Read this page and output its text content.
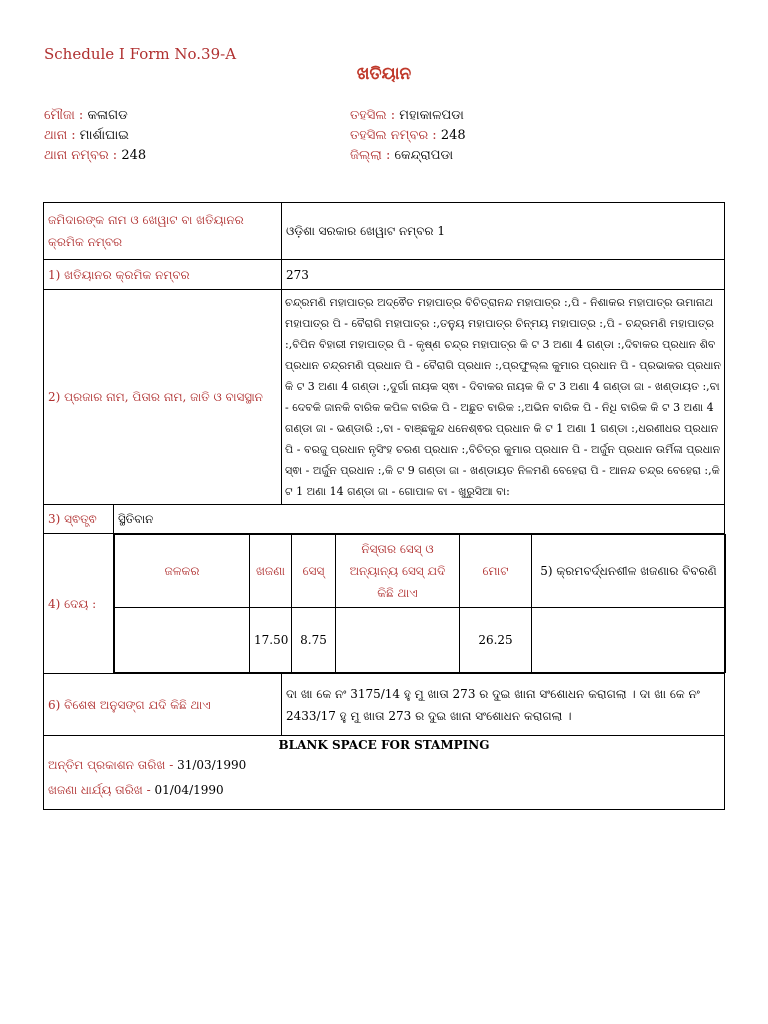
Schedule I Form No.39-A
ଖତିୟାନ
ମୌଜା : କଳାଗଡ
ଥାନା : ମାର୍ଶାଘାଇ
ଥାନା ନମ୍ବର : 248
ତହସିଲ : ମହାକାଳପଡା
ତହସିଲ ନମ୍ବର : 248
ଜିଲ୍ଲା : କେନ୍ଦ୍ରାପଡା
ଜମିଦାରଙ୍କ ନାମ ଓ ଖେୱାଟ ବା ଖତିୟାନର କ୍ରମିକ ନମ୍ବର	ଓଡ଼ିଶା ସରକାର ଖେୱାଟ ନମ୍ବର 1
1) ଖତିୟାନର କ୍ରମିକ ନମ୍ବର	273
2) ପ୍ରଜାର ନାମ, ପିତାର ନାମ, ଜାତି ଓ ବାସସ୍ଥାନ	ଚନ୍ଦ୍ରମଣି ମହାପାତ୍ର ଅଦ୍ଵୈତ ମହାପାତ୍ର ବିଚିତ୍ରାନନ୍ଦ ମହାପାତ୍ର :,ପି - ନିଶାକର ମହାପାତ୍ର ଉମାନାଥ ମହାପାତ୍ର ପି - ବୈରାଗି ମହାପାତ୍ର :,ତନୁୟ ମହାପାତ୍ର ଚିନ୍ମୟ ମହାପାତ୍ର :,ପି - ଚନ୍ଦ୍ରମଣି ମହାପାତ୍ର :,ବିପିନ ବିହାରୀ ମହାପାତ୍ର ପି - କୃଷ୍ଣ ଚନ୍ଦ୍ର ମହାପାତ୍ର କି ଟ 3 ଅଣା 4 ଗଣ୍ଡା :,ଦିବାକର ପ୍ରଧାନ ଶିବ ପ୍ରଧାନ ଚନ୍ଦ୍ରମଣି ପ୍ରଧାନ ପି - ବୈରାଗି ପ୍ରଧାନ :,ପ୍ରଫୁଲ୍ଲ କୁମାର ପ୍ରଧାନ ପି - ପ୍ରଭାକର ପ୍ରଧାନ କି ଟ 3 ଅଣା 4 ଗଣ୍ଡା :,ଦୁର୍ଗା ନାୟକ ସ୍ଵା - ଦିବାକର ନାୟକ କି ଟ 3 ଅଣା 4 ଗଣ୍ଡା ଜା - ଖଣ୍ଡାୟତ :,ବା - ଦେବକି ଜାନକି ବାରିକ କପିଳ ବାରିକ ପି - ଅଛୁତ ବାରିକ :,ଅଭିନ ବାରିକ ପି - ନିଧି ବାରିକ କି ଟ 3 ଅଣା 4 ଗଣ୍ଡା ଜା - ଭଣ୍ଡାରି :,ବା - ବାଞ୍ଛକୁନ୍ଦ ଧନେଶ୍ଵର ପ୍ରଧାନ କି ଟ 1 ଅଣା 1 ଗଣ୍ଡା :,ଧରଣୀଧର ପ୍ରଧାନ ପି - ବରଜୁ ପ୍ରଧାନ ନୃସିଂହ ଚରଣ ପ୍ରଧାନ :,ବିଚିତ୍ର କୁମାର ପ୍ରଧାନ ପି - ଅର୍ଜୁନ ପ୍ରଧାନ ଉର୍ମିଳା ପ୍ରଧାନ ସ୍ଵା - ଅର୍ଜୁନ ପ୍ରଧାନ :,କି ଟ 9 ଗଣ୍ଡା ଜା - ଖଣ୍ଡାୟତ ନିଳମଣି ବେହେରା ପି - ଆନନ୍ଦ ଚନ୍ଦ୍ର ବେହେରା :,କି ଟ 1 ଅଣା 14 ଗଣ୍ଡା ଜା - ଗୋପାଳ ବା - ଖୁରୁସିଆ ବା:
3) ସ୍ଵତ୍ତ୍ଵ	ସ୍ଥିତିବାନ
4) ଦେୟ :	
ଜଳକର	ଖଜଣା	ସେସ୍	ନିସ୍ତାର ସେସ୍ ଓ ଅନ୍ୟାନ୍ୟ ସେସ୍ ଯଦି କିଛି ଥାଏ	ମୋଟ	5) କ୍ରମବର୍ଦ୍ଧନଶୀଳ ଖଜଣାର ବିବରଣି
	17.50	8.75		26.25	

6) ବିଶେଷ ଅନୁସଙ୍ଗ ଯଦି କିଛି ଥାଏ	ଦା ଖା କେ ନଂ 3175/14 ହୁ ମୁ ଖାତା 273 ର ଦୁଇ ଖାନା ସଂଶୋଧନ କରାଗଲା । ଦା ଖା କେ ନଂ 2433/17 ହୁ ମୁ ଖାତା 273 ର ଦୁଇ ଖାନା ସଂଶୋଧନ କରାଗଲା ।

BLANK SPACE FOR STAMPING
ଅନ୍ତିମ ପ୍ରକାଶନ ତାରିଖ - 31/03/1990
ଖଜଣା ଧାର୍ଯ୍ୟ ତାରିଖ - 01/04/1990
